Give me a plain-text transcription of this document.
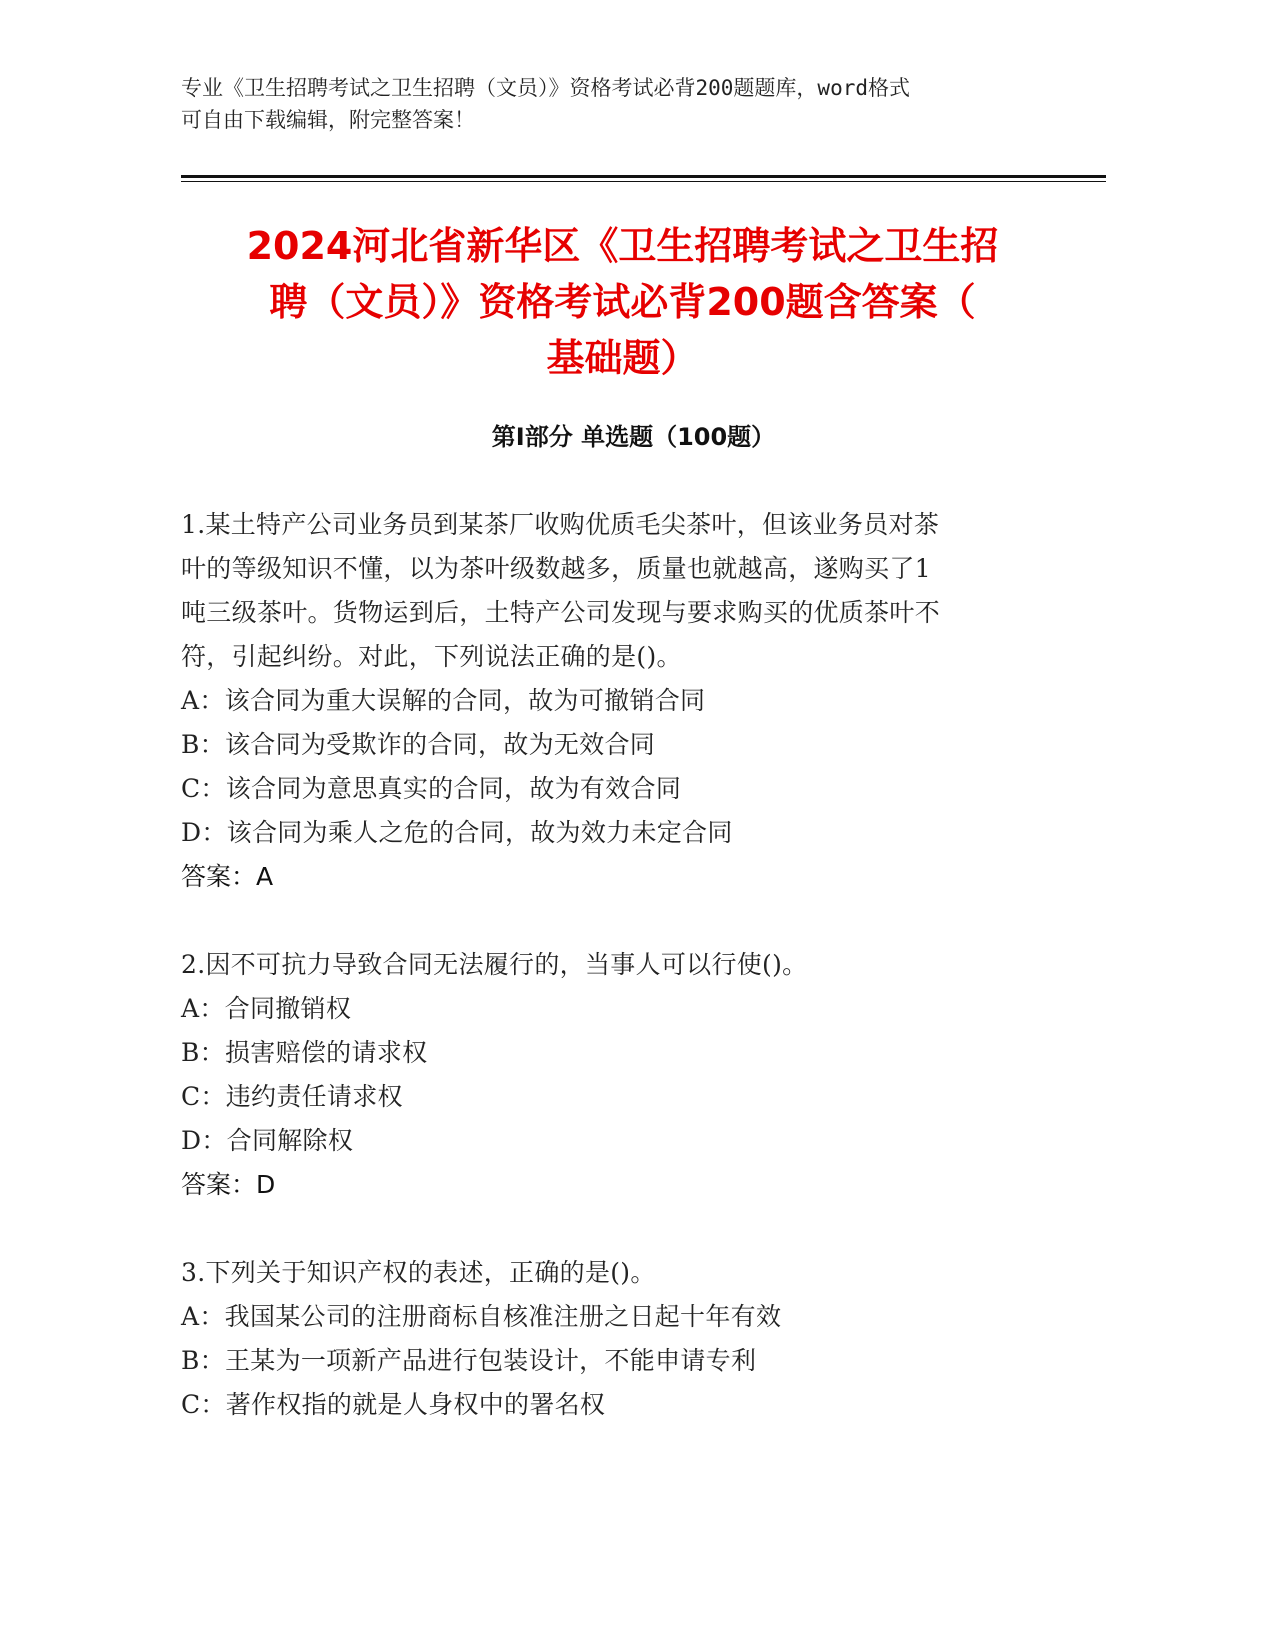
专业《卫生招聘考试之卫生招聘（文员）》资格考试必背200题题库，word格式
可自由下载编辑，附完整答案！
2024河北省新华区《卫生招聘考试之卫生招
聘（文员）》资格考试必背200题含答案（
基础题）
第Ⅰ部分 单选题（100题）
1.某土特产公司业务员到某茶厂收购优质毛尖茶叶，但该业务员对茶
叶的等级知识不懂，以为茶叶级数越多，质量也就越高，遂购买了1
吨三级茶叶。货物运到后，土特产公司发现与要求购买的优质茶叶不
符，引起纠纷。对此，下列说法正确的是()。
A：该合同为重大误解的合同，故为可撤销合同
B：该合同为受欺诈的合同，故为无效合同
C：该合同为意思真实的合同，故为有效合同
D：该合同为乘人之危的合同，故为效力未定合同
答案：A
2.因不可抗力导致合同无法履行的，当事人可以行使()。
A：合同撤销权
B：损害赔偿的请求权
C：违约责任请求权
D：合同解除权
答案：D
3.下列关于知识产权的表述，正确的是()。
A：我国某公司的注册商标自核准注册之日起十年有效
B：王某为一项新产品进行包装设计，不能申请专利
C：著作权指的就是人身权中的署名权
